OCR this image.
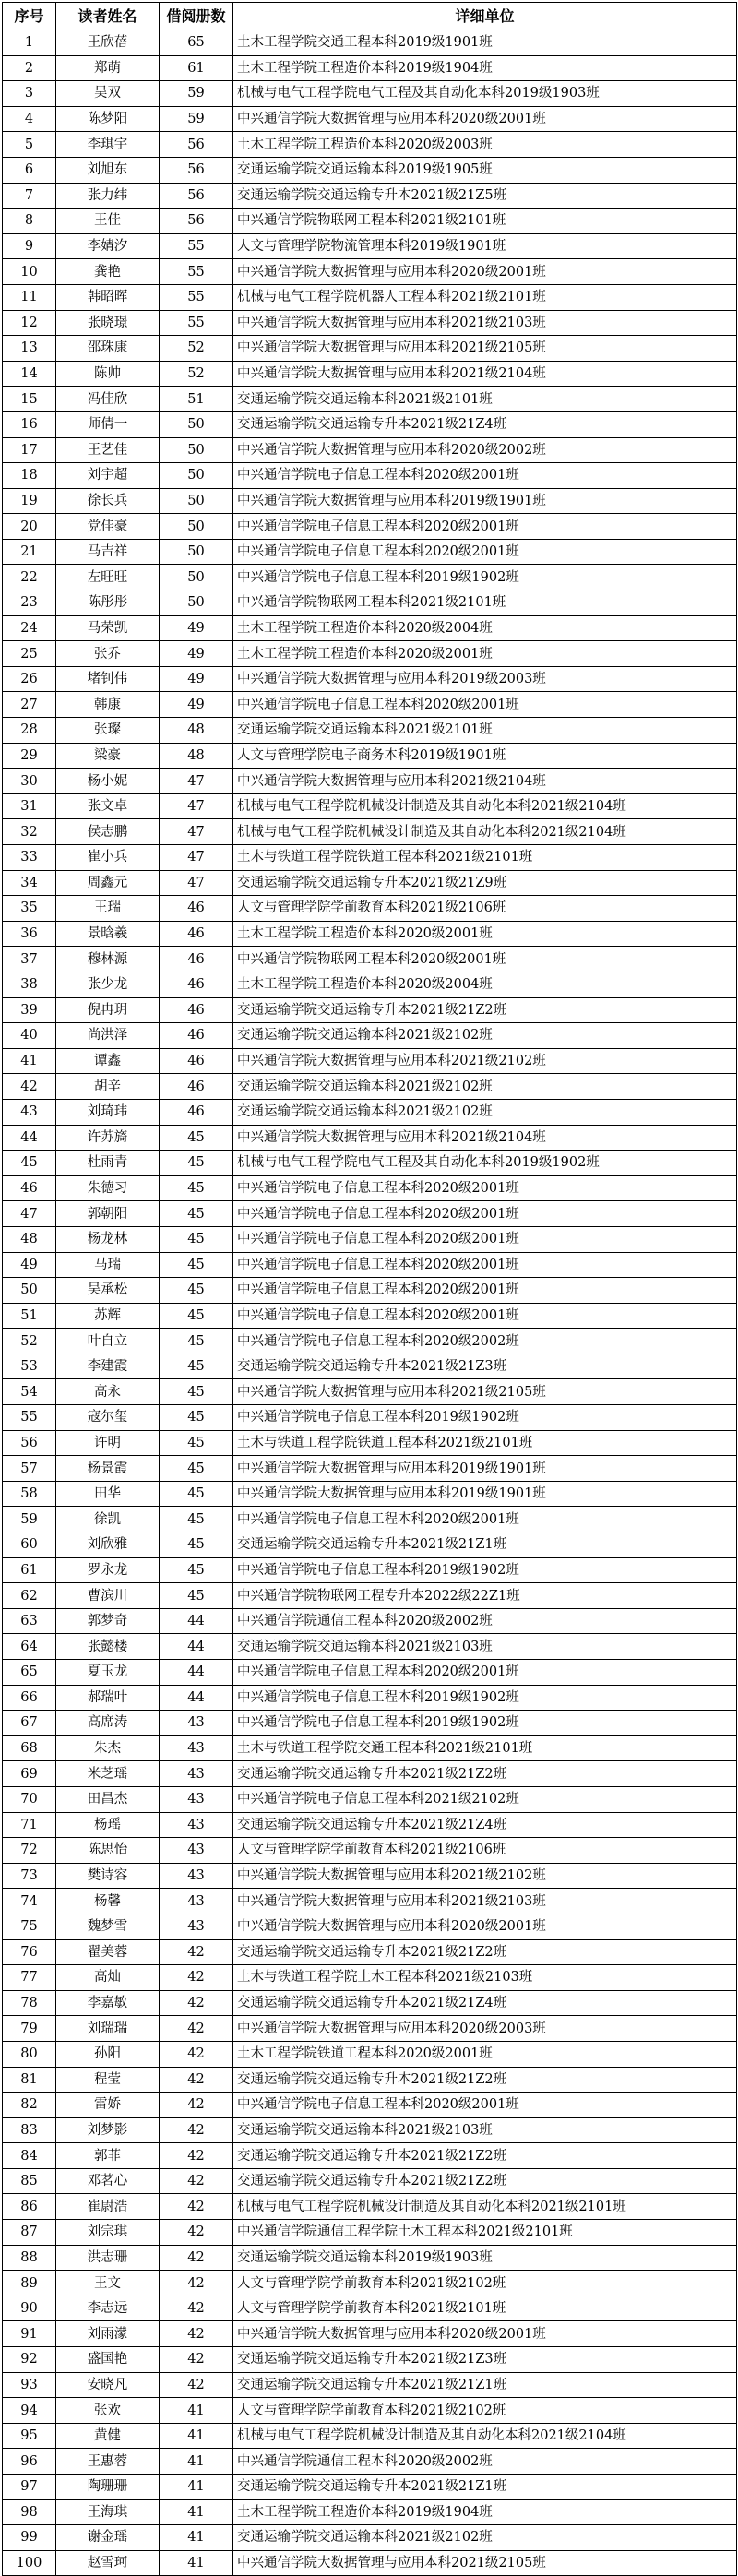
序号	读者姓名	借阅册数	详细单位
1	王欣蓓	65	土木工程学院交通工程本科2019级1901班
2	郑萌	61	土木工程学院工程造价本科2019级1904班
3	吴双	59	机械与电气工程学院电气工程及其自动化本科2019级1903班
4	陈梦阳	59	中兴通信学院大数据管理与应用本科2020级2001班
5	李琪宇	56	土木工程学院工程造价本科2020级2003班
6	刘旭东	56	交通运输学院交通运输本科2019级1905班
7	张力纬	56	交通运输学院交通运输专升本2021级21Z5班
8	王佳	56	中兴通信学院物联网工程本科2021级2101班
9	李婧汐	55	人文与管理学院物流管理本科2019级1901班
10	龚艳	55	中兴通信学院大数据管理与应用本科2020级2001班
11	韩昭晖	55	机械与电气工程学院机器人工程本科2021级2101班
12	张晓璟	55	中兴通信学院大数据管理与应用本科2021级2103班
13	邵珠康	52	中兴通信学院大数据管理与应用本科2021级2105班
14	陈帅	52	中兴通信学院大数据管理与应用本科2021级2104班
15	冯佳欣	51	交通运输学院交通运输本科2021级2101班
16	师倩一	50	交通运输学院交通运输专升本2021级21Z4班
17	王艺佳	50	中兴通信学院大数据管理与应用本科2020级2002班
18	刘宇超	50	中兴通信学院电子信息工程本科2020级2001班
19	徐长兵	50	中兴通信学院大数据管理与应用本科2019级1901班
20	党佳豪	50	中兴通信学院电子信息工程本科2020级2001班
21	马吉祥	50	中兴通信学院电子信息工程本科2020级2001班
22	左旺旺	50	中兴通信学院电子信息工程本科2019级1902班
23	陈彤彤	50	中兴通信学院物联网工程本科2021级2101班
24	马荣凯	49	土木工程学院工程造价本科2020级2004班
25	张乔	49	土木工程学院工程造价本科2020级2001班
26	堵钊伟	49	中兴通信学院大数据管理与应用本科2019级2003班
27	韩康	49	中兴通信学院电子信息工程本科2020级2001班
28	张璨	48	交通运输学院交通运输本科2021级2101班
29	梁豪	48	人文与管理学院电子商务本科2019级1901班
30	杨小妮	47	中兴通信学院大数据管理与应用本科2021级2104班
31	张文卓	47	机械与电气工程学院机械设计制造及其自动化本科2021级2104班
32	侯志鹏	47	机械与电气工程学院机械设计制造及其自动化本科2021级2104班
33	崔小兵	47	土木与铁道工程学院铁道工程本科2021级2101班
34	周鑫元	47	交通运输学院交通运输专升本2021级21Z9班
35	王瑞	46	人文与管理学院学前教育本科2021级2106班
36	景晗羲	46	土木工程学院工程造价本科2020级2001班
37	穆林源	46	中兴通信学院物联网工程本科2020级2001班
38	张少龙	46	土木工程学院工程造价本科2020级2004班
39	倪冉玥	46	交通运输学院交通运输专升本2021级21Z2班
40	尚洪泽	46	交通运输学院交通运输本科2021级2102班
41	谭鑫	46	中兴通信学院大数据管理与应用本科2021级2102班
42	胡辛	46	交通运输学院交通运输本科2021级2102班
43	刘琦玮	46	交通运输学院交通运输本科2021级2102班
44	许苏旖	45	中兴通信学院大数据管理与应用本科2021级2104班
45	杜雨青	45	机械与电气工程学院电气工程及其自动化本科2019级1902班
46	朱德习	45	中兴通信学院电子信息工程本科2020级2001班
47	郭朝阳	45	中兴通信学院电子信息工程本科2020级2001班
48	杨龙林	45	中兴通信学院电子信息工程本科2020级2001班
49	马瑞	45	中兴通信学院电子信息工程本科2020级2001班
50	吴承松	45	中兴通信学院电子信息工程本科2020级2001班
51	苏辉	45	中兴通信学院电子信息工程本科2020级2001班
52	叶自立	45	中兴通信学院电子信息工程本科2020级2002班
53	李建霞	45	交通运输学院交通运输专升本2021级21Z3班
54	高永	45	中兴通信学院大数据管理与应用本科2021级2105班
55	寇尔玺	45	中兴通信学院电子信息工程本科2019级1902班
56	许明	45	土木与铁道工程学院铁道工程本科2021级2101班
57	杨景霞	45	中兴通信学院大数据管理与应用本科2019级1901班
58	田华	45	中兴通信学院大数据管理与应用本科2019级1901班
59	徐凯	45	中兴通信学院电子信息工程本科2020级2001班
60	刘欣雅	45	交通运输学院交通运输专升本2021级21Z1班
61	罗永龙	45	中兴通信学院电子信息工程本科2019级1902班
62	曹滨川	45	中兴通信学院物联网工程专升本2022级22Z1班
63	郭梦奇	44	中兴通信学院通信工程本科2020级2002班
64	张懿楼	44	交通运输学院交通运输本科2021级2103班
65	夏玉龙	44	中兴通信学院电子信息工程本科2020级2001班
66	郝瑞叶	44	中兴通信学院电子信息工程本科2019级1902班
67	高席涛	43	中兴通信学院电子信息工程本科2019级1902班
68	朱杰	43	土木与铁道工程学院交通工程本科2021级2101班
69	米芝瑶	43	交通运输学院交通运输专升本2021级21Z2班
70	田昌杰	43	中兴通信学院电子信息工程本科2021级2102班
71	杨瑶	43	交通运输学院交通运输专升本2021级21Z4班
72	陈思怡	43	人文与管理学院学前教育本科2021级2106班
73	樊诗容	43	中兴通信学院大数据管理与应用本科2021级2102班
74	杨馨	43	中兴通信学院大数据管理与应用本科2021级2103班
75	魏梦雪	43	中兴通信学院大数据管理与应用本科2020级2001班
76	翟美蓉	42	交通运输学院交通运输专升本2021级21Z2班
77	高灿	42	土木与铁道工程学院土木工程本科2021级2103班
78	李嘉敏	42	交通运输学院交通运输专升本2021级21Z4班
79	刘瑞瑞	42	中兴通信学院大数据管理与应用本科2020级2003班
80	孙阳	42	土木工程学院铁道工程本科2020级2001班
81	程莹	42	交通运输学院交通运输专升本2021级21Z2班
82	雷娇	42	中兴通信学院电子信息工程本科2020级2001班
83	刘梦影	42	交通运输学院交通运输本科2021级2103班
84	郭菲	42	交通运输学院交通运输专升本2021级21Z2班
85	邓茗心	42	交通运输学院交通运输专升本2021级21Z2班
86	崔尉浩	42	机械与电气工程学院机械设计制造及其自动化本科2021级2101班
87	刘宗琪	42	中兴通信学院通信工程学院土木工程本科2021级2101班
88	洪志珊	42	交通运输学院交通运输本科2019级1903班
89	王文	42	人文与管理学院学前教育本科2021级2102班
90	李志远	42	人文与管理学院学前教育本科2021级2101班
91	刘雨濛	42	中兴通信学院大数据管理与应用本科2020级2001班
92	盛国艳	42	交通运输学院交通运输专升本2021级21Z3班
93	安晓凡	42	交通运输学院交通运输专升本2021级21Z1班
94	张欢	41	人文与管理学院学前教育本科2021级2102班
95	黄健	41	机械与电气工程学院机械设计制造及其自动化本科2021级2104班
96	王惠蓉	41	中兴通信学院通信工程本科2020级2002班
97	陶珊珊	41	交通运输学院交通运输专升本2021级21Z1班
98	王海琪	41	土木工程学院工程造价本科2019级1904班
99	谢金瑶	41	交通运输学院交通运输本科2021级2102班
100	赵雪珂	41	中兴通信学院大数据管理与应用本科2021级2105班
